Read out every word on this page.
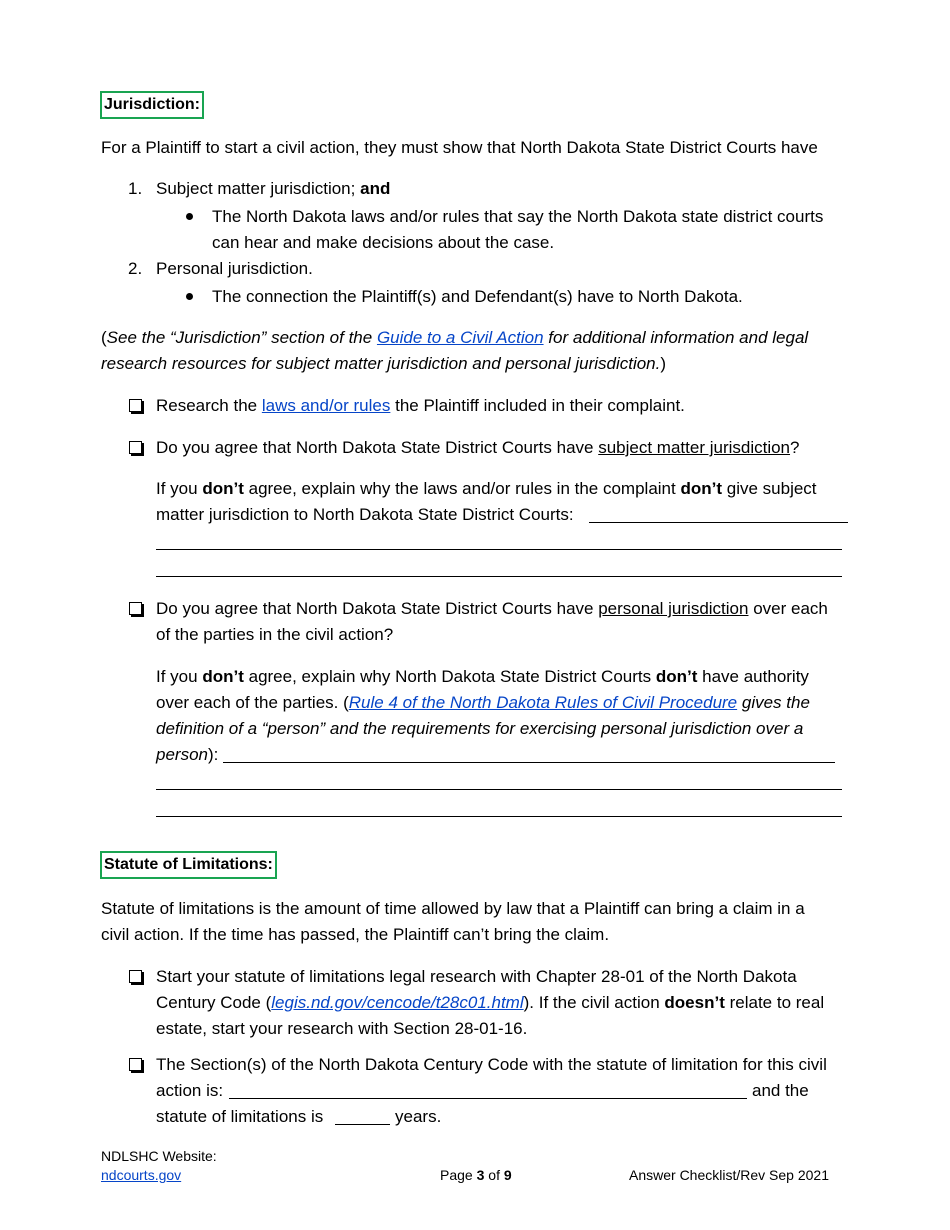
Jurisdiction:
For a Plaintiff to start a civil action, they must show that North Dakota State District Courts have
1. Subject matter jurisdiction; and
The North Dakota laws and/or rules that say the North Dakota state district courts
can hear and make decisions about the case.
2. Personal jurisdiction.
The connection the Plaintiff(s) and Defendant(s) have to North Dakota.
(See the “Jurisdiction” section of the Guide to a Civil Action for additional information and legal
research resources for subject matter jurisdiction and personal jurisdiction.)
Research the laws and/or rules the Plaintiff included in their complaint.
Do you agree that North Dakota State District Courts have subject matter jurisdiction?
If you don’t agree, explain why the laws and/or rules in the complaint don’t give subject
matter jurisdiction to North Dakota State District Courts:
Do you agree that North Dakota State District Courts have personal jurisdiction over each
of the parties in the civil action?
If you don’t agree, explain why North Dakota State District Courts don’t have authority
over each of the parties. (Rule 4 of the North Dakota Rules of Civil Procedure gives the
definition of a “person” and the requirements for exercising personal jurisdiction over a
person):
Statute of Limitations:
Statute of limitations is the amount of time allowed by law that a Plaintiff can bring a claim in a
civil action. If the time has passed, the Plaintiff can’t bring the claim.
Start your statute of limitations legal research with Chapter 28-01 of the North Dakota
Century Code (legis.nd.gov/cencode/t28c01.html). If the civil action doesn’t relate to real
estate, start your research with Section 28-01-16.
The Section(s) of the North Dakota Century Code with the statute of limitation for this civil
action is:	and the
statute of limitations is	years.
NDLSHC Website:
ndcourts.gov	Page 3 of 9	Answer Checklist/Rev Sep 2021
